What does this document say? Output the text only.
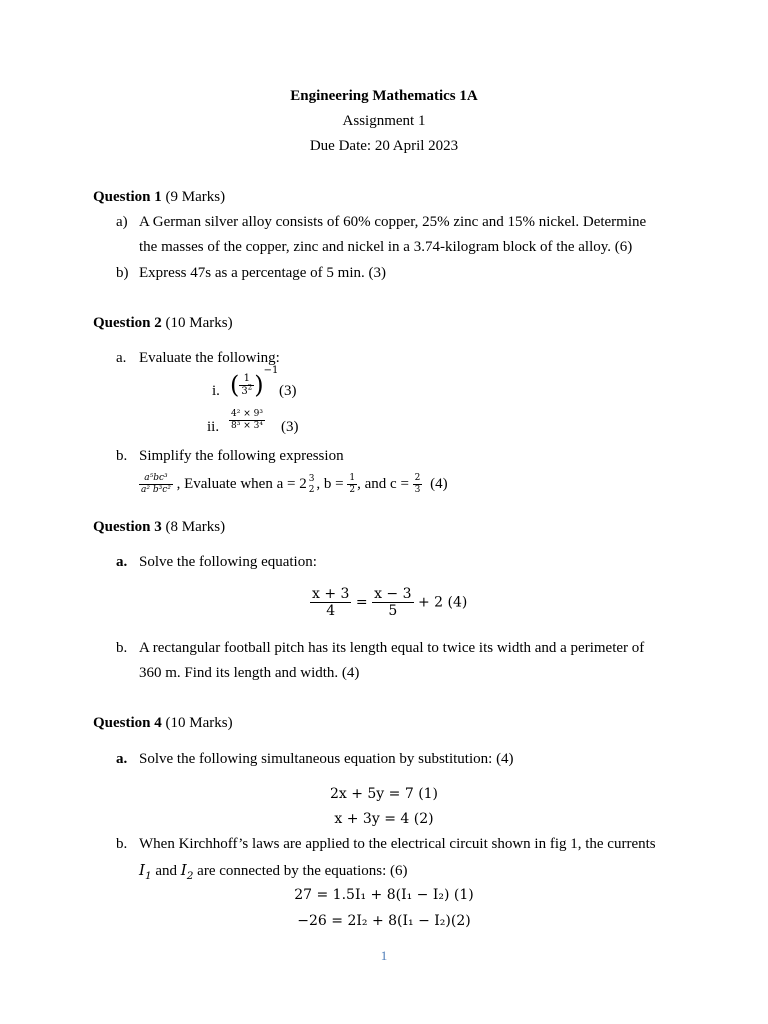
Engineering Mathematics 1A
Assignment 1
Due Date: 20 April 2023
Question 1 (9 Marks)
a) A German silver alloy consists of 60% copper, 25% zinc and 15% nickel. Determine
the masses of the copper, zinc and nickel in a 3.74-kilogram block of the alloy. (6)
b) Express 47s as a percentage of 5 min. (3)
Question 2 (10 Marks)
a. Evaluate the following:
i. ( $\frac{1}{3^2} )^{-1}$
(3)
ii. $\frac{\text{4² × 9³}}{\text{8³ × 3⁴}} (3)$
b. Simplify the following expression
$\frac{\text{a⁵bc³}}{\text{a² b³c²}}$ , Evaluate when a = 2 3
2 , $b = \frac{1}{2}$ , and $c = \frac{2}{3} (4)$
Question 3 (8 Marks)
a. Solve the following equation:
$\frac{x + 3}{4} = \frac{x - 3}{5} + 2$ (4)
b. A rectangular football pitch has its length equal to twice its width and a perimeter of
360 m. Find its length and width. (4)
Question 4 (10 Marks)
a. Solve the following simultaneous equation by substitution: (4)
2x + 5y = 7 (1)
x + 3y = 4 (2)
b. When Kirchhoff’s laws are applied to the electrical circuit shown in fig 1, the currents
$I_1$ and $I_2$ are connected by the equations: (6)
27 = 1.5I₁ + 8(I₁ − I₂) (1)
−26 = 2I₂ + 8(I₁ − I₂)(2)
1
